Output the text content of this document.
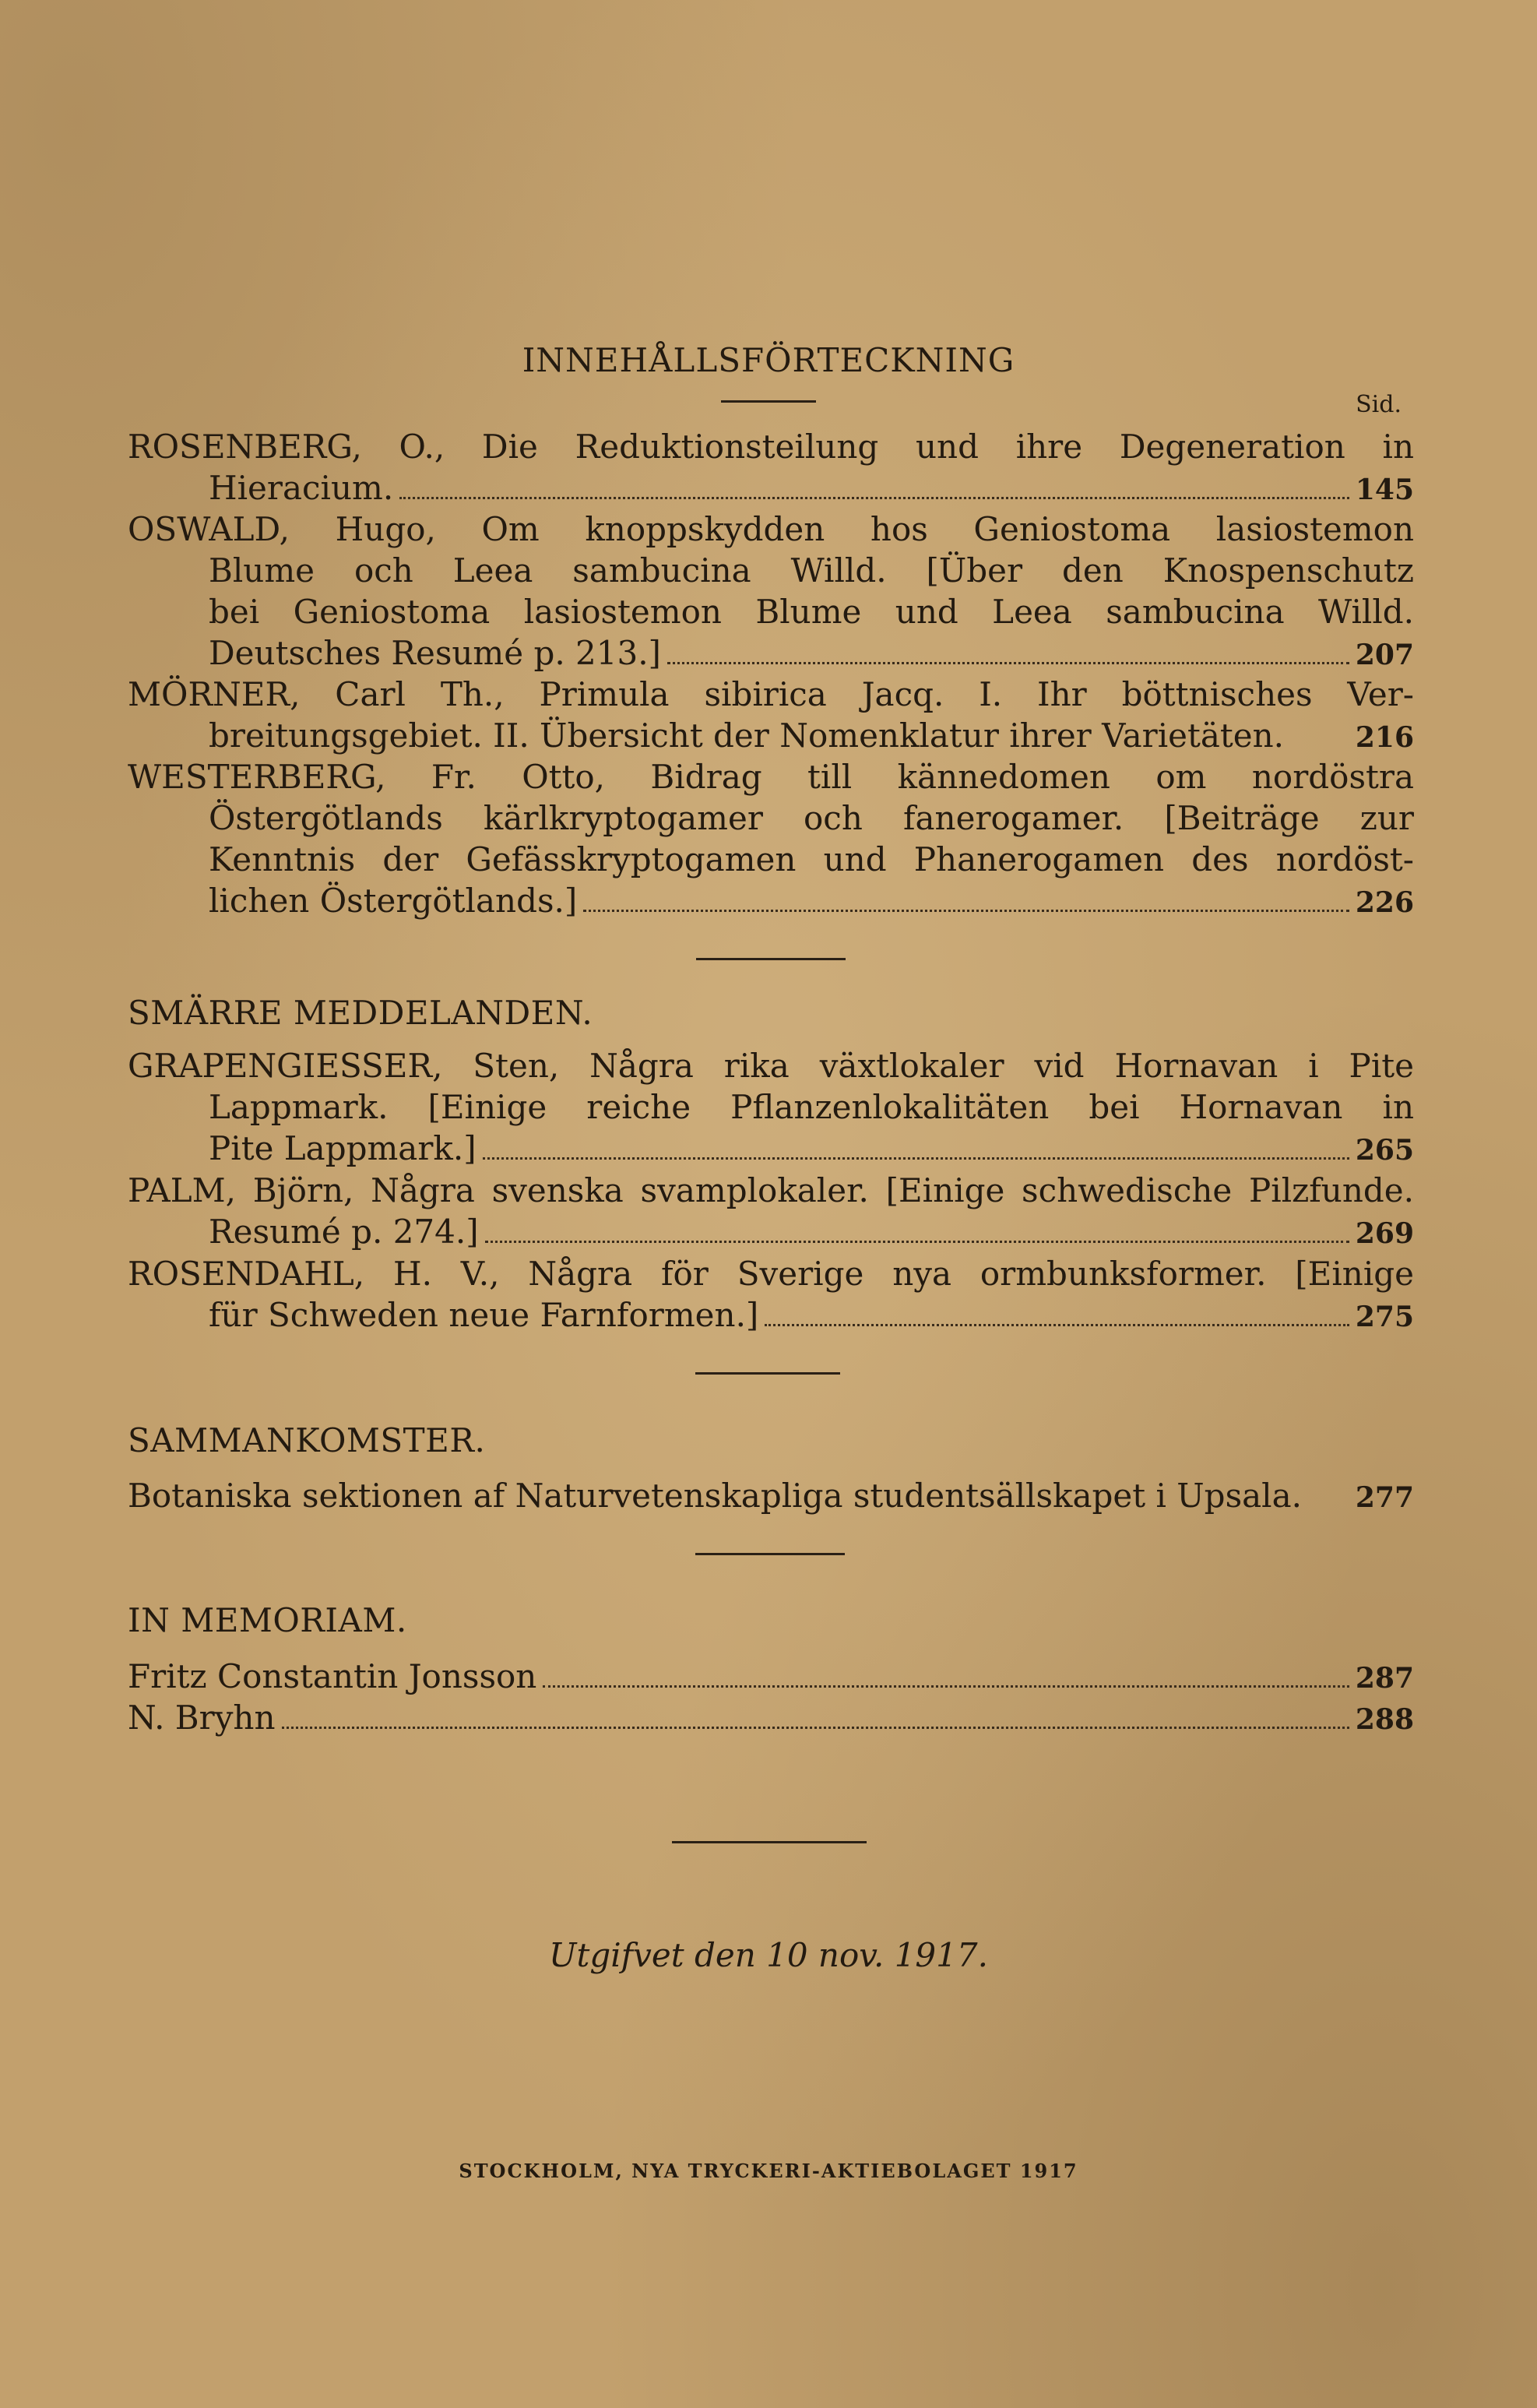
INNEHÅLLSFÖRTECKNING
Sid.
ROSENBERG, O., Die Reduktionsteilung und ihre Degeneration in
Hieracium.	145
OSWALD, Hugo, Om knoppskydden hos Geniostoma lasiostemon
Blume och Leea sambucina Willd. [Über den Knospenschutz
bei Geniostoma lasiostemon Blume und Leea sambucina Willd.
Deutsches Resumé p. 213.]	207
MÖRNER, Carl Th., Primula sibirica Jacq. I. Ihr böttnisches Ver-
breitungsgebiet. II. Übersicht der Nomenklatur ihrer Varietäten.	216
WESTERBERG, Fr. Otto, Bidrag till kännedomen om nordöstra
Östergötlands kärlkryptogamer och fanerogamer. [Beiträge zur
Kenntnis der Gefässkryptogamen und Phanerogamen des nordöst-
lichen Östergötlands.]	226
SMÄRRE MEDDELANDEN.
GRAPENGIESSER, Sten, Några rika växtlokaler vid Hornavan i Pite
Lappmark. [Einige reiche Pflanzenlokalitäten bei Hornavan in
Pite Lappmark.]	265
PALM, Björn, Några svenska svamplokaler. [Einige schwedische Pilzfunde.
Resumé p. 274.]	269
ROSENDAHL, H. V., Några för Sverige nya ormbunksformer. [Einige
für Schweden neue Farnformen.]	275
SAMMANKOMSTER.
Botaniska sektionen af Naturvetenskapliga studentsällskapet i Upsala. 277
IN MEMORIAM.
Fritz Constantin Jonsson	287
N. Bryhn	288
Utgifvet den 10 nov. 1917.
STOCKHOLM, NYA TRYCKERI-AKTIEBOLAGET 1917
